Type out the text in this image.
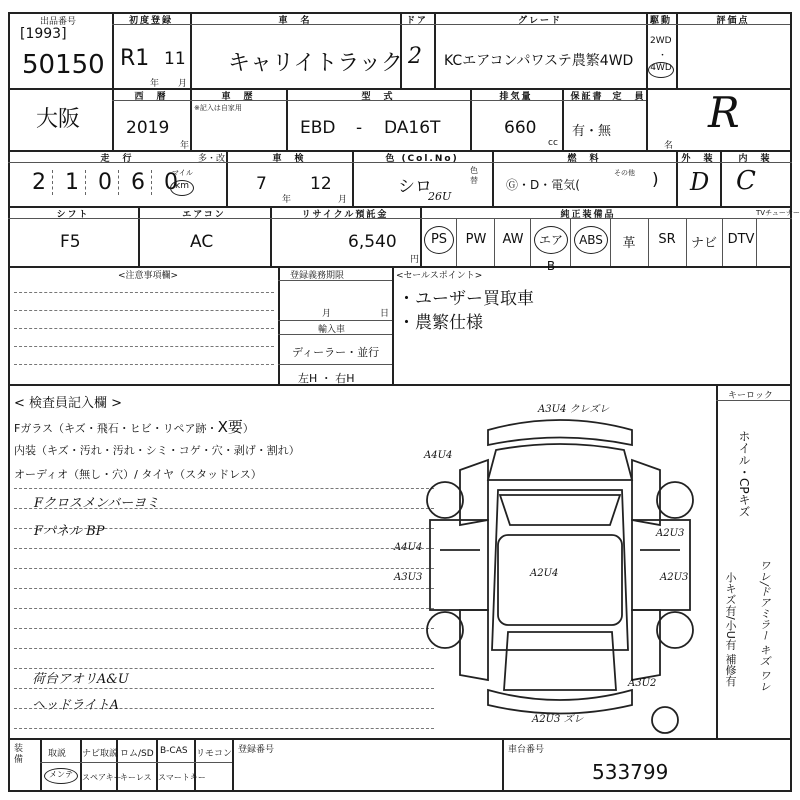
出品番号
[1993]
50150
初度登録
R1 11
年 月
車　名
キャリイトラック
ドア
2
グレード
KCエアコンパワステ農繁4WD
駆動
2WD
・
4WD
評価点
大阪
西　暦
2019
年
車　歴
※記入は自家用
型　式
EBD - DA16T
排気量
660
cc
保証書
有・無
定　員
名
R
走　行	多・改
2 1 0 6 0
マイル
km
車　検
7
年
12
月
色 (Col.No)
シロ
26U
色替
燃　料
Ⓖ・D・電気(
その他 )
外　装
D
内　装
C
シフト
F5
エアコン
AC
リサイクル預託金
6,540
円
純正装備品	TVチューナー
PS	PW	AW	エアB
ABS	革	SR	ナビ DTV
<注意事項欄>	登録義務期限
月	日
輸入車
ディーラー・並行
左H ・ 右H
<セールスポイント>
・ユーザー買取車
・農繁仕様
< 検査員記入欄 >
Fガラス（キズ・飛石・ヒビ・リペア跡・X要）
内装（キズ・汚れ・汚れ・シミ・コゲ・穴・剥げ・割れ）
オーディオ（無し・穴）/ タイヤ（スタッドレス）
Fクロスメンバーヨミ
Fパネル BP
荷台アオリA&U
ヘッドライトA
A3U4 クレズレ
A4U4
A4U4
A3U3	A2U4
A2U3
A2U3
A3U2
A2U3 ズレ
キーロック
ホイル・CPキズ
ワレ/ドアミラー キズ ワレ
小キズ有/小U有 補修有
装備
取説 ナビ取説 ロム/SD B-CAS リモコン
メンテ	スペアキー
キーレス スマートキー
登録番号	車台番号
533799
